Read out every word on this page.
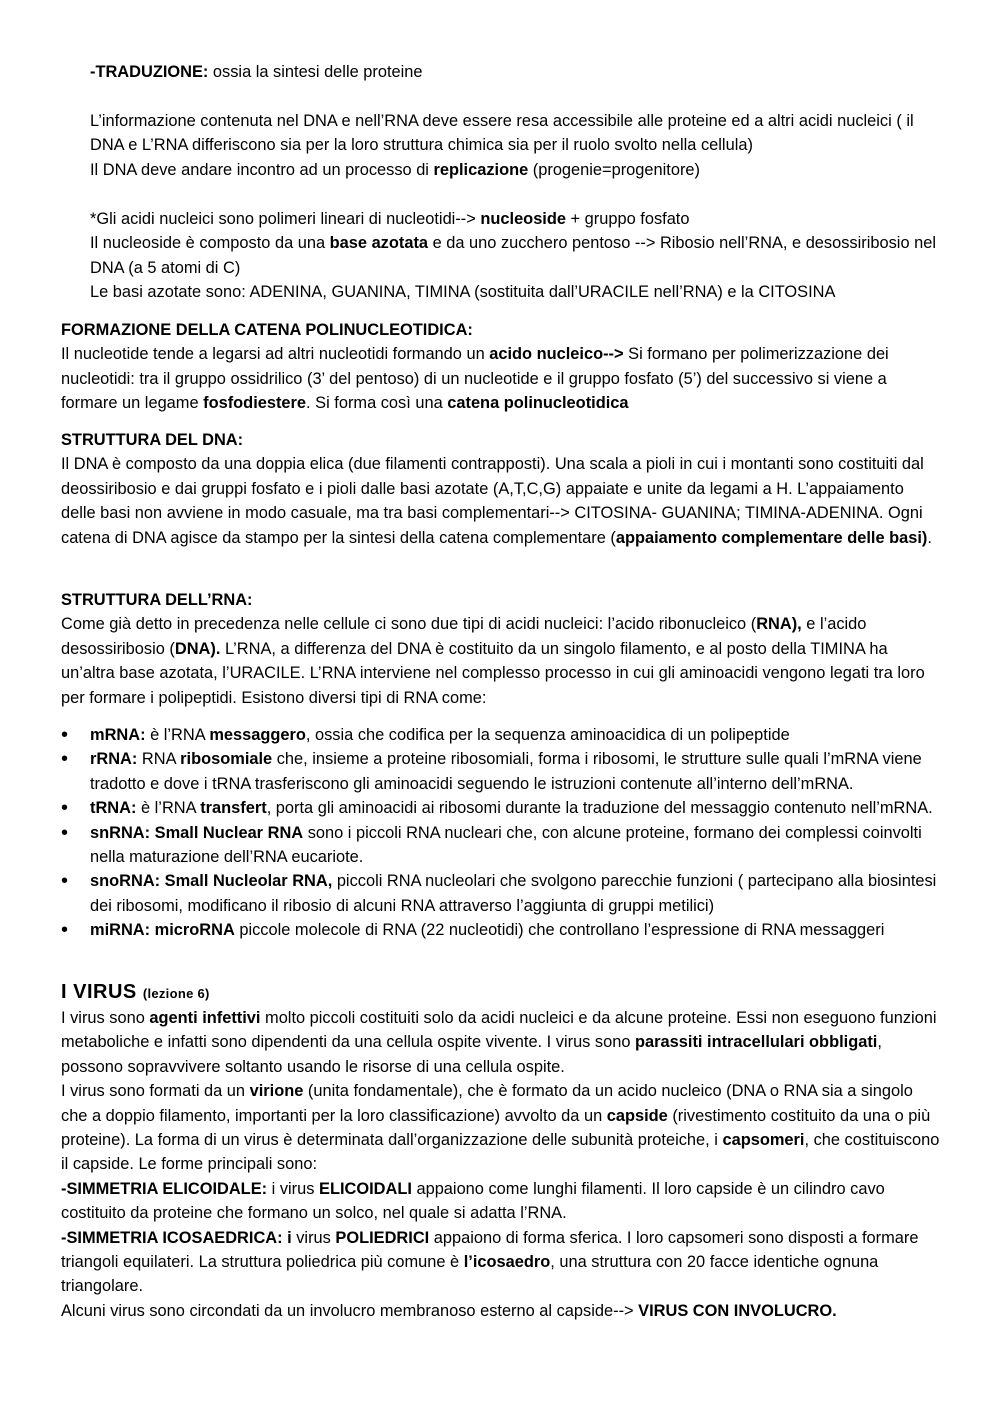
-TRADUZIONE: ossia la sintesi delle proteine

L’informazione contenuta nel DNA e nell’RNA deve essere resa accessibile alle proteine ed a altri acidi nucleici ( il DNA e L’RNA differiscono sia per la loro struttura chimica sia per il ruolo svolto nella cellula)

Il DNA deve andare incontro ad un processo di replicazione (progenie=progenitore)

*Gli acidi nucleici sono polimeri lineari di nucleotidi--> nucleoside + gruppo fosfato

Il nucleoside è composto da una base azotata e da uno zucchero pentoso --> Ribosio nell’RNA, e desossiribosio nel DNA (a 5 atomi di C)

Le basi azotate sono: ADENINA, GUANINA, TIMINA (sostituita dall’URACILE nell’RNA) e la CITOSINA

FORMAZIONE DELLA CATENA POLINUCLEOTIDICA:

Il nucleotide tende a legarsi ad altri nucleotidi formando un acido nucleico--> Si formano per polimerizzazione dei nucleotidi: tra il gruppo ossidrilico (3’ del pentoso) di un nucleotide e il gruppo fosfato (5’) del successivo si viene a formare un legame fosfodiestere. Si forma così una catena polinucleotidica

STRUTTURA DEL DNA:

Il DNA è composto da una doppia elica (due filamenti contrapposti). Una scala a pioli in cui i montanti sono costituiti dal deossiribosio e dai gruppi fosfato e i pioli dalle basi azotate (A,T,C,G) appaiate e unite da legami a H. L’appaiamento delle basi non avviene in modo casuale, ma tra basi complementari--> CITOSINA- GUANINA; TIMINA-ADENINA. Ogni catena di DNA agisce da stampo per la sintesi della catena complementare (appaiamento complementare delle basi).

STRUTTURA DELL’RNA:

Come già detto in precedenza nelle cellule ci sono due tipi di acidi nucleici: l’acido ribonucleico (RNA), e l’acido desossiribosio (DNA). L’RNA, a differenza del DNA è costituito da un singolo filamento, e al posto della TIMINA ha un’altra base azotata, l’URACILE. L’RNA interviene nel complesso processo in cui gli aminoacidi vengono legati tra loro per formare i polipeptidi. Esistono diversi tipi di RNA come:

• mRNA: è l’RNA messaggero, ossia che codifica per la sequenza aminoacidica di un polipeptide
• rRNA: RNA ribosomiale che, insieme a proteine ribosomiali, forma i ribosomi, le strutture sulle quali l’mRNA viene tradotto e dove i tRNA trasferiscono gli aminoacidi seguendo le istruzioni contenute all’interno dell’mRNA.
• tRNA: è l’RNA transfert, porta gli aminoacidi ai ribosomi durante la traduzione del messaggio contenuto nell’mRNA.
• snRNA: Small Nuclear RNA sono i piccoli RNA nucleari che, con alcune proteine, formano dei complessi coinvolti nella maturazione dell’RNA eucariote.
• snoRNA: Small Nucleolar RNA, piccoli RNA nucleolari che svolgono parecchie funzioni ( partecipano alla biosintesi dei ribosomi, modificano il ribosio di alcuni RNA attraverso l’aggiunta di gruppi metilici)
• miRNA: microRNA piccole molecole di RNA (22 nucleotidi) che controllano l’espressione di RNA messaggeri

I VIRUS (lezione 6)

I virus sono agenti infettivi molto piccoli costituiti solo da acidi nucleici e da alcune proteine. Essi non eseguono funzioni metaboliche e infatti sono dipendenti da una cellula ospite vivente. I virus sono parassiti intracellulari obbligati, possono sopravvivere soltanto usando le risorse di una cellula ospite.

I virus sono formati da un virione (unita fondamentale), che è formato da un acido nucleico (DNA o RNA sia a singolo che a doppio filamento, importanti per la loro classificazione) avvolto da un capside (rivestimento costituito da una o più proteine). La forma di un virus è determinata dall’organizzazione delle subunità proteiche, i capsomeri, che costituiscono il capside. Le forme principali sono:

-SIMMETRIA ELICOIDALE: i virus ELICOIDALI appaiono come lunghi filamenti. Il loro capside è un cilindro cavo costituito da proteine che formano un solco, nel quale si adatta l’RNA.

-SIMMETRIA ICOSAEDRICA: i virus POLIEDRICI appaiono di forma sferica. I loro capsomeri sono disposti a formare triangoli equilateri. La struttura poliedrica più comune è l’icosaedro, una struttura con 20 facce identiche ognuna triangolare.

Alcuni virus sono circondati da un involucro membranoso esterno al capside--> VIRUS CON INVOLUCRO.
